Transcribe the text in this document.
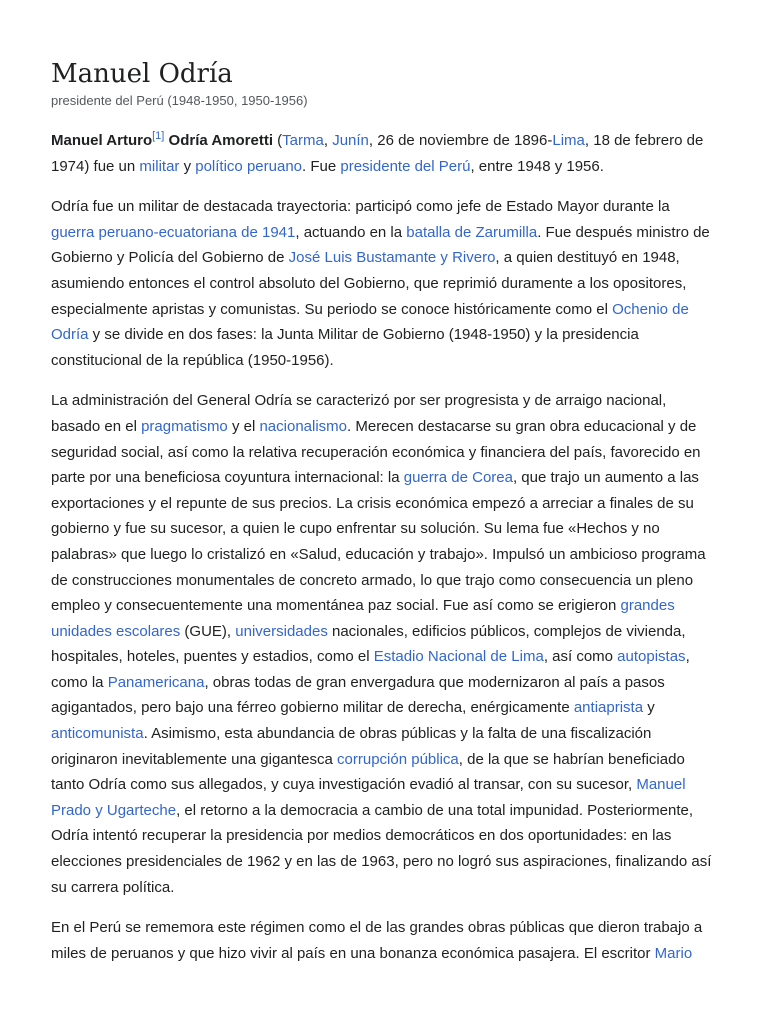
Manuel Odría
presidente del Perú (1948-1950, 1950-1956)

Manuel Arturo[1] Odría Amoretti (Tarma, Junín, 26 de noviembre de 1896-Lima, 18 de febrero de 1974) fue un militar y político peruano. Fue presidente del Perú, entre 1948 y 1956.

Odría fue un militar de destacada trayectoria: participó como jefe de Estado Mayor durante la guerra peruano-ecuatoriana de 1941, actuando en la batalla de Zarumilla. Fue después ministro de Gobierno y Policía del Gobierno de José Luis Bustamante y Rivero, a quien destituyó en 1948, asumiendo entonces el control absoluto del Gobierno, que reprimió duramente a los opositores, especialmente apristas y comunistas. Su periodo se conoce históricamente como el Ochenio de Odría y se divide en dos fases: la Junta Militar de Gobierno (1948-1950) y la presidencia constitucional de la república (1950-1956).

La administración del General Odría se caracterizó por ser progresista y de arraigo nacional, basado en el pragmatismo y el nacionalismo. Merecen destacarse su gran obra educacional y de seguridad social, así como la relativa recuperación económica y financiera del país, favorecido en parte por una beneficiosa coyuntura internacional: la guerra de Corea, que trajo un aumento a las exportaciones y el repunte de sus precios. La crisis económica empezó a arreciar a finales de su gobierno y fue su sucesor, a quien le cupo enfrentar su solución. Su lema fue «Hechos y no palabras» que luego lo cristalizó en «Salud, educación y trabajo». Impulsó un ambicioso programa de construcciones monumentales de concreto armado, lo que trajo como consecuencia un pleno empleo y consecuentemente una momentánea paz social. Fue así como se erigieron grandes unidades escolares (GUE), universidades nacionales, edificios públicos, complejos de vivienda, hospitales, hoteles, puentes y estadios, como el Estadio Nacional de Lima, así como autopistas, como la Panamericana, obras todas de gran envergadura que modernizaron al país a pasos agigantados, pero bajo una férreo gobierno militar de derecha, enérgicamente antiaprista y anticomunista. Asimismo, esta abundancia de obras públicas y la falta de una fiscalización originaron inevitablemente una gigantesca corrupción pública, de la que se habrían beneficiado tanto Odría como sus allegados, y cuya investigación evadió al transar, con su sucesor, Manuel Prado y Ugarteche, el retorno a la democracia a cambio de una total impunidad. Posteriormente, Odría intentó recuperar la presidencia por medios democráticos en dos oportunidades: en las elecciones presidenciales de 1962 y en las de 1963, pero no logró sus aspiraciones, finalizando así su carrera política.

En el Perú se rememora este régimen como el de las grandes obras públicas que dieron trabajo a miles de peruanos y que hizo vivir al país en una bonanza económica pasajera. El escritor Mario
